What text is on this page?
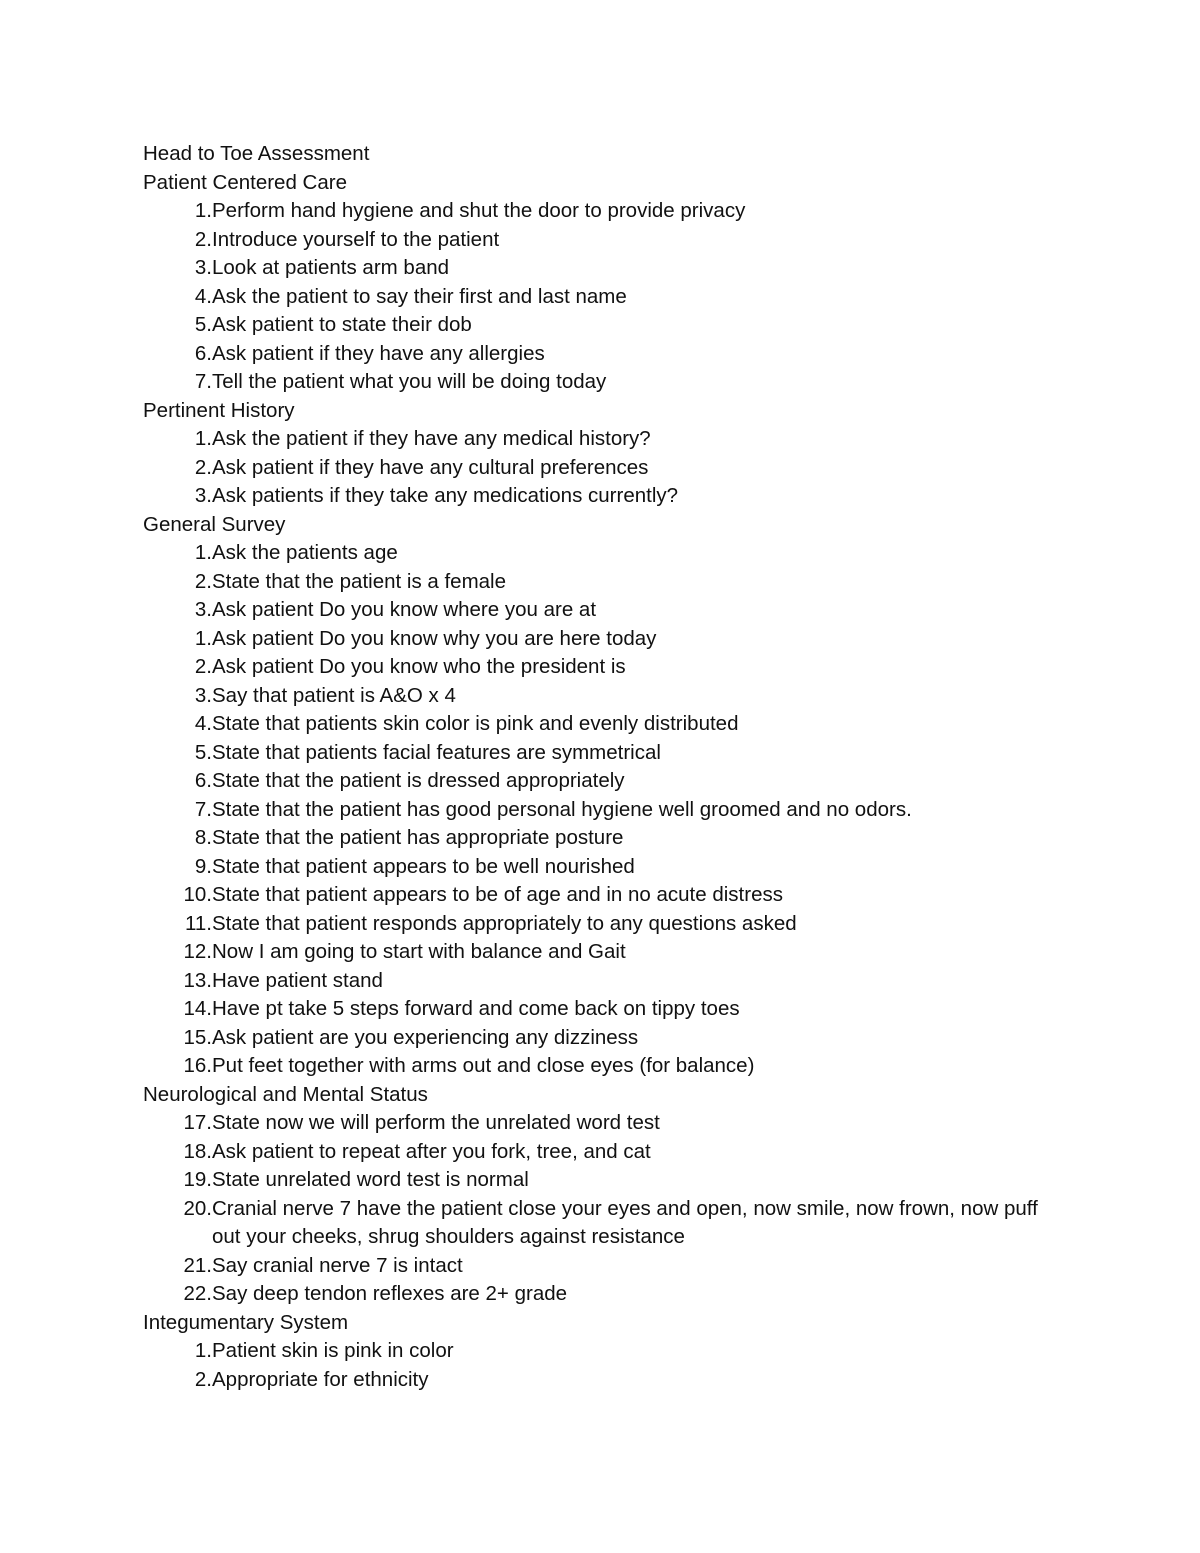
Head to Toe Assessment
Patient Centered Care
1. Perform hand hygiene and shut the door to provide privacy
2. Introduce yourself to the patient
3. Look at patients arm band
4. Ask the patient to say their first and last name
5. Ask patient to state their dob
6. Ask patient if they have any allergies
7. Tell the patient what you will be doing today
Pertinent History
1. Ask the patient if they have any medical history?
2. Ask patient if they have any cultural preferences
3. Ask patients if they take any medications currently?
General Survey
1. Ask the patients age
2. State that the patient is a female
3. Ask patient Do you know where you are at
1. Ask patient Do you know why you are here today
2. Ask patient Do you know who the president is
3. Say that patient is A&O x 4
4. State that patients skin color is pink and evenly distributed
5. State that patients facial features are symmetrical
6. State that the patient is dressed appropriately
7. State that the patient has good personal hygiene well groomed and no odors.
8. State that the patient has appropriate posture
9. State that patient appears to be well nourished
10. State that patient appears to be of age and in no acute distress
11. State that patient responds appropriately to any questions asked
12. Now I am going to start with balance and Gait
13. Have patient stand
14. Have pt take 5 steps forward and come back on tippy toes
15. Ask patient are you experiencing any dizziness
16. Put feet together with arms out and close eyes (for balance)
Neurological and Mental Status
17. State now we will perform the unrelated word test
18. Ask patient to repeat after you fork, tree, and cat
19. State unrelated word test is normal
20. Cranial nerve 7 have the patient close your eyes and open, now smile, now frown, now puff out your cheeks, shrug shoulders against resistance
21. Say cranial nerve 7 is intact
22. Say deep tendon reflexes are 2+ grade
Integumentary System
1. Patient skin is pink in color
2. Appropriate for ethnicity
